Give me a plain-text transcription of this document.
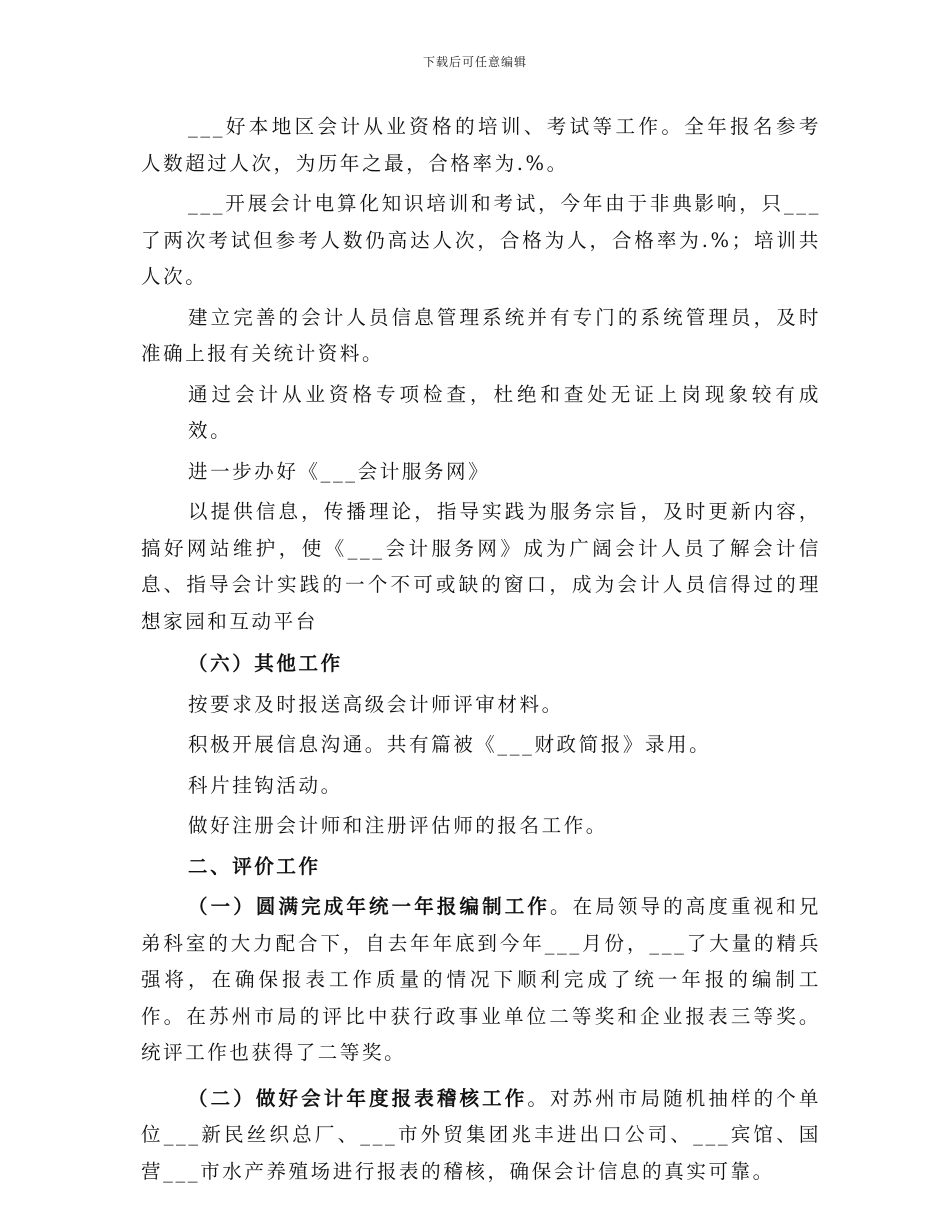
下载后可任意编辑

___好本地区会计从业资格的培训、考试等工作。全年报名参考人数超过人次，为历年之最，合格率为.%。

___开展会计电算化知识培训和考试，今年由于非典影响，只___了两次考试但参考人数仍高达人次，合格为人，合格率为.%；培训共人次。

建立完善的会计人员信息管理系统并有专门的系统管理员，及时准确上报有关统计资料。

通过会计从业资格专项检查，杜绝和查处无证上岗现象较有成效。

进一步办好《___会计服务网》

以提供信息，传播理论，指导实践为服务宗旨，及时更新内容，搞好网站维护，使《___会计服务网》成为广阔会计人员了解会计信息、指导会计实践的一个不可或缺的窗口，成为会计人员信得过的理想家园和互动平台

（六）其他工作

按要求及时报送高级会计师评审材料。

积极开展信息沟通。共有篇被《___财政简报》录用。

科片挂钩活动。

做好注册会计师和注册评估师的报名工作。

二、评价工作

（一）圆满完成年统一年报编制工作。在局领导的高度重视和兄弟科室的大力配合下，自去年年底到今年___月份，___了大量的精兵强将，在确保报表工作质量的情况下顺利完成了统一年报的编制工作。在苏州市局的评比中获行政事业单位二等奖和企业报表三等奖。统评工作也获得了二等奖。

（二）做好会计年度报表稽核工作。对苏州市局随机抽样的个单位___新民丝织总厂、___市外贸集团兆丰进出口公司、___宾馆、国营___市水产养殖场进行报表的稽核，确保会计信息的真实可靠。
